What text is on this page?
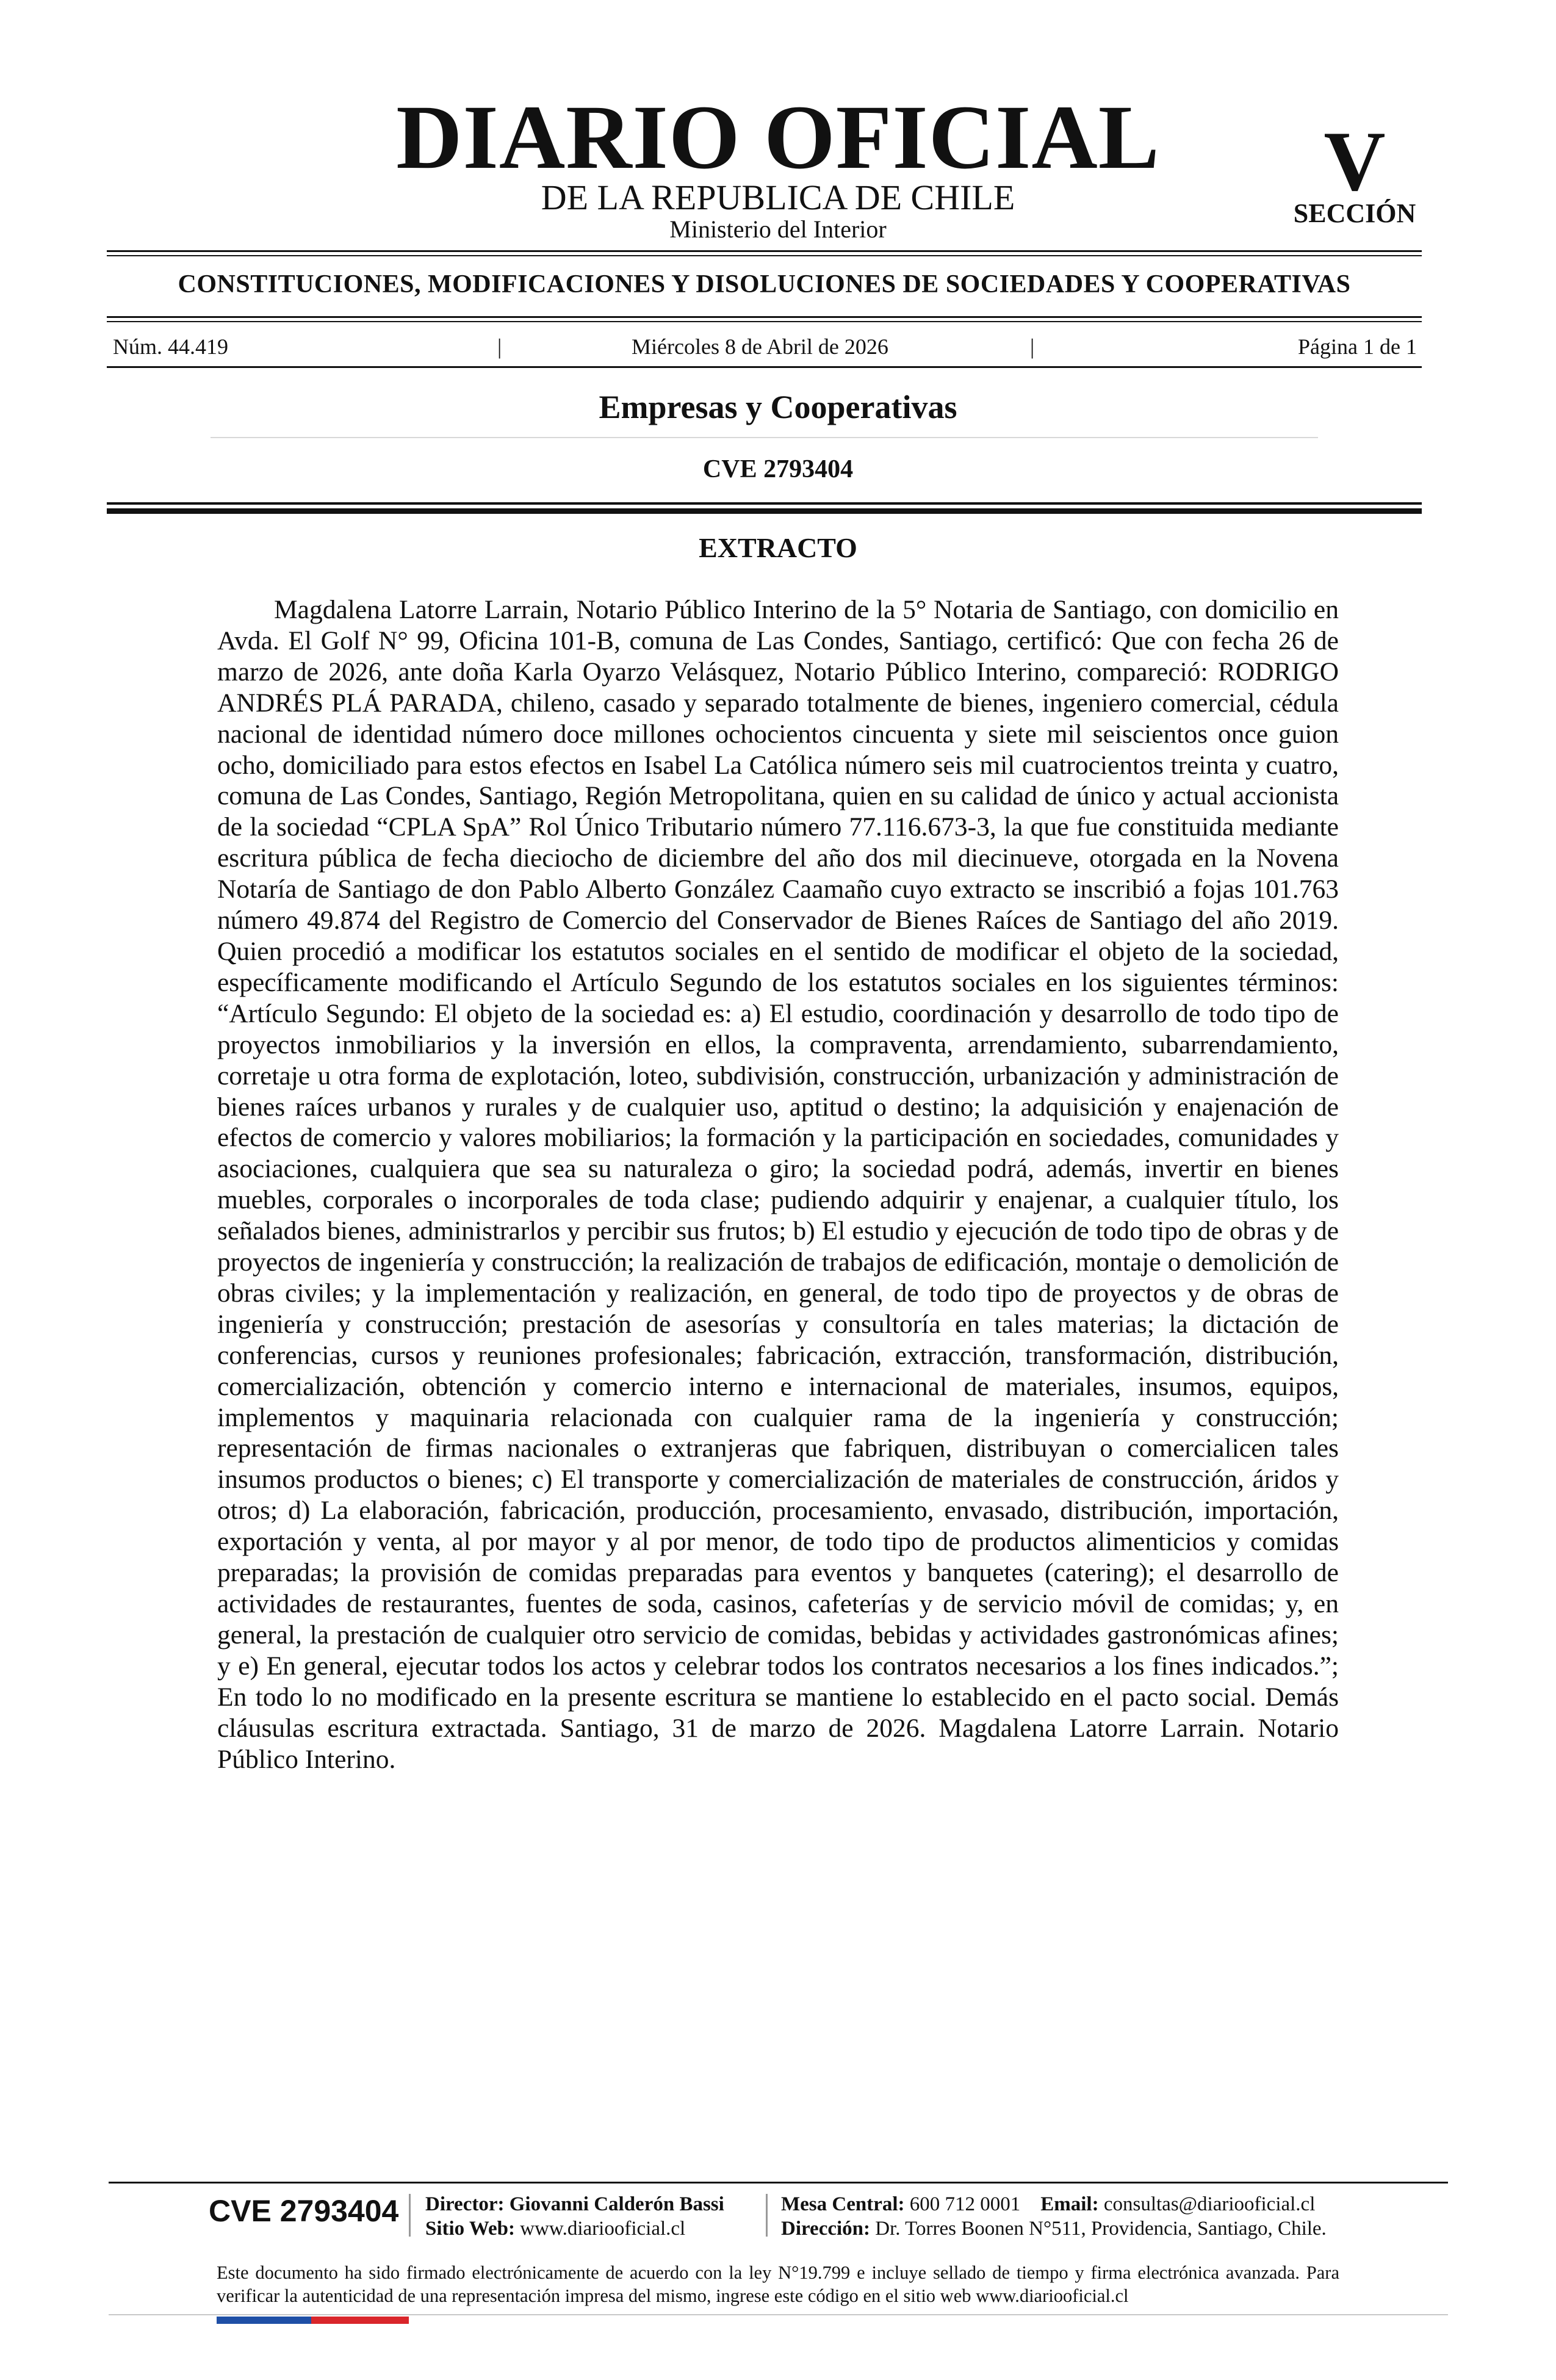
DIARIO OFICIAL
DE LA REPUBLICA DE CHILE
Ministerio del Interior
V
SECCIÓN
CONSTITUCIONES, MODIFICACIONES Y DISOLUCIONES DE SOCIEDADES Y COOPERATIVAS
Núm. 44.419	|	Miércoles 8 de Abril de 2026	|	Página 1 de 1
Empresas y Cooperativas
CVE 2793404
EXTRACTO

Magdalena Latorre Larrain, Notario Público Interino de la 5° Notaria de Santiago, con domicilio en Avda. El Golf N° 99, Oficina 101-B, comuna de Las Condes, Santiago, certificó: Que con fecha 26 de marzo de 2026, ante doña Karla Oyarzo Velásquez, Notario Público Interino, compareció: RODRIGO ANDRÉS PLÁ PARADA, chileno, casado y separado totalmente de bienes, ingeniero comercial, cédula nacional de identidad número doce millones ochocientos cincuenta y siete mil seiscientos once guion ocho, domiciliado para estos efectos en Isabel La Católica número seis mil cuatrocientos treinta y cuatro, comuna de Las Condes, Santiago, Región Metropolitana, quien en su calidad de único y actual accionista de la sociedad “CPLA SpA” Rol Único Tributario número 77.116.673-3, la que fue constituida mediante escritura pública de fecha dieciocho de diciembre del año dos mil diecinueve, otorgada en la Novena Notaría de Santiago de don Pablo Alberto González Caamaño cuyo extracto se inscribió a fojas 101.763 número 49.874 del Registro de Comercio del Conservador de Bienes Raíces de Santiago del año 2019. Quien procedió a modificar los estatutos sociales en el sentido de modificar el objeto de la sociedad, específicamente modificando el Artículo Segundo de los estatutos sociales en los siguientes términos: “Artículo Segundo: El objeto de la sociedad es: a) El estudio, coordinación y desarrollo de todo tipo de proyectos inmobiliarios y la inversión en ellos, la compraventa, arrendamiento, subarrendamiento, corretaje u otra forma de explotación, loteo, subdivisión, construcción, urbanización y administración de bienes raíces urbanos y rurales y de cualquier uso, aptitud o destino; la adquisición y enajenación de efectos de comercio y valores mobiliarios; la formación y la participación en sociedades, comunidades y asociaciones, cualquiera que sea su naturaleza o giro; la sociedad podrá, además, invertir en bienes muebles, corporales o incorporales de toda clase; pudiendo adquirir y enajenar, a cualquier título, los señalados bienes, administrarlos y percibir sus frutos; b) El estudio y ejecución de todo tipo de obras y de proyectos de ingeniería y construcción; la realización de trabajos de edificación, montaje o demolición de obras civiles; y la implementación y realización, en general, de todo tipo de proyectos y de obras de ingeniería y construcción; prestación de asesorías y consultoría en tales materias; la dictación de conferencias, cursos y reuniones profesionales; fabricación, extracción, transformación, distribución, comercialización, obtención y comercio interno e internacional de materiales, insumos, equipos, implementos y maquinaria relacionada con cualquier rama de la ingeniería y construcción; representación de firmas nacionales o extranjeras que fabriquen, distribuyan o comercialicen tales insumos productos o bienes; c) El transporte y comercialización de materiales de construcción, áridos y otros; d) La elaboración, fabricación, producción, procesamiento, envasado, distribución, importación, exportación y venta, al por mayor y al por menor, de todo tipo de productos alimenticios y comidas preparadas; la provisión de comidas preparadas para eventos y banquetes (catering); el desarrollo de actividades de restaurantes, fuentes de soda, casinos, cafeterías y de servicio móvil de comidas; y, en general, la prestación de cualquier otro servicio de comidas, bebidas y actividades gastronómicas afines; y e) En general, ejecutar todos los actos y celebrar todos los contratos necesarios a los fines indicados.”; En todo lo no modificado en la presente escritura se mantiene lo establecido en el pacto social. Demás cláusulas escritura extractada. Santiago, 31 de marzo de 2026. Magdalena Latorre Larrain. Notario Público Interino.

CVE 2793404 Director: Giovanni Calderón Bassi
Sitio Web: www.diariooficial.cl
Mesa Central: 600 712 0001 Email: consultas@diariooficial.cl
Dirección: Dr. Torres Boonen N°511, Providencia, Santiago, Chile.
Este documento ha sido firmado electrónicamente de acuerdo con la ley N°19.799 e incluye sellado de tiempo y firma electrónica avanzada. Para verificar la autenticidad de una representación impresa del mismo, ingrese este código en el sitio web www.diariooficial.cl
